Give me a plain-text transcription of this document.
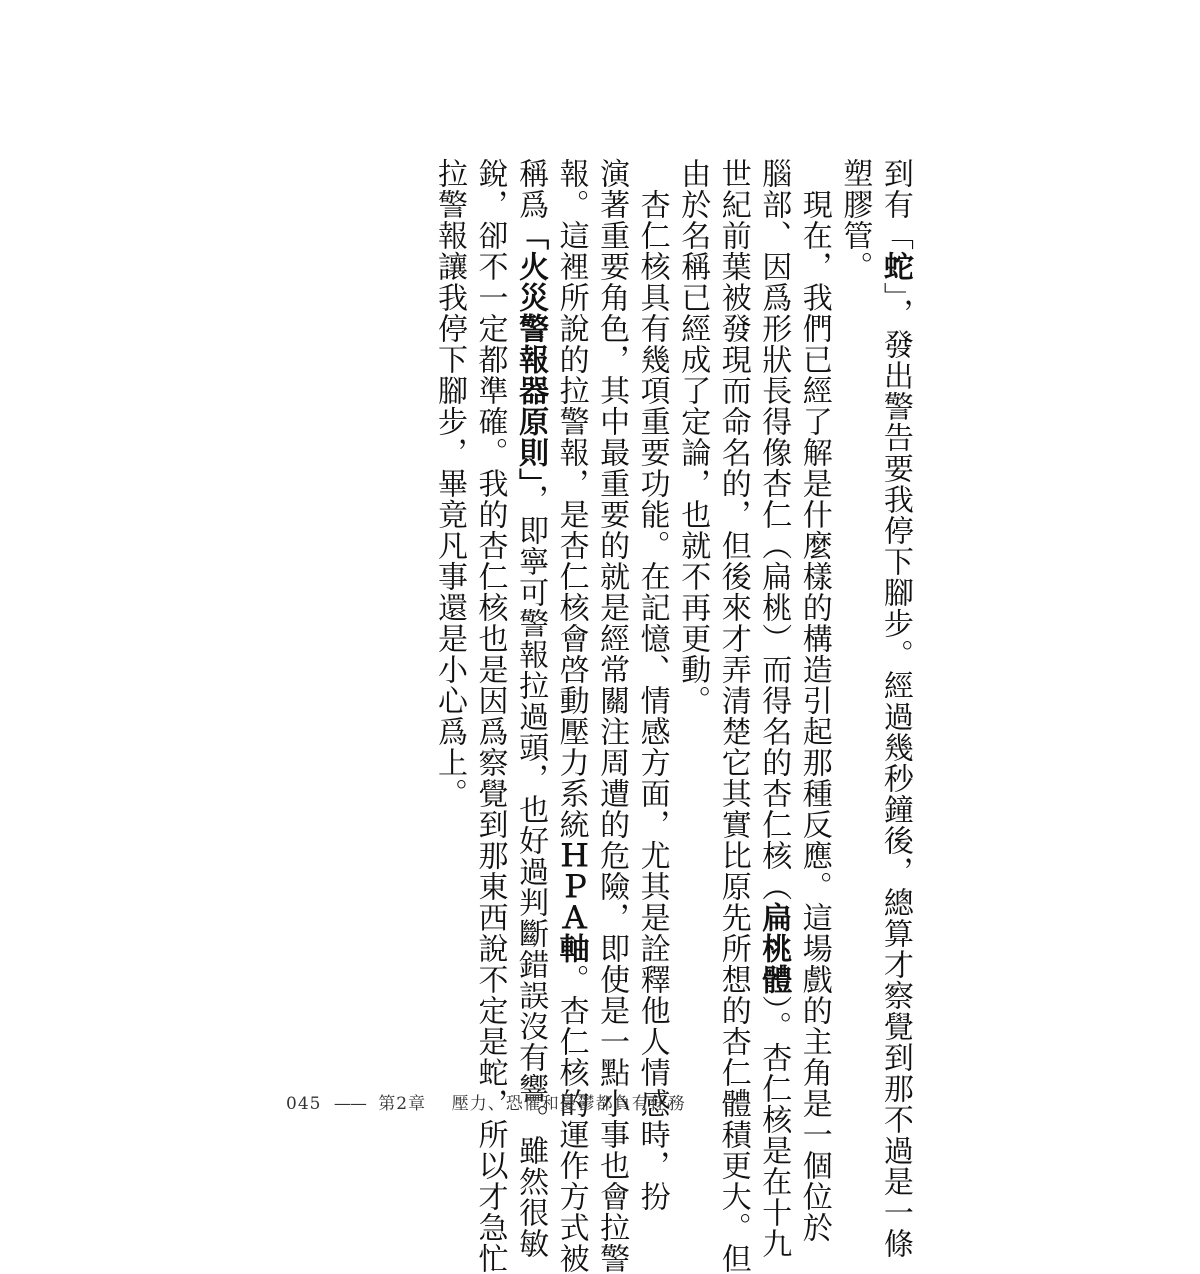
到有「蛇」，發出警告要我停下腳步。經過幾秒鐘後，總算才察覺到那不過是一條
塑膠管。
　現在，我們已經了解是什麼樣的構造引起那種反應。這場戲的主角是一個位於
腦部、因爲形狀長得像杏仁（扁桃）而得名的杏仁核（扁桃體）。杏仁核是在十九
世紀前葉被發現而命名的，但後來才弄清楚它其實比原先所想的杏仁體積更大。但
由於名稱已經成了定論，也就不再更動。
　杏仁核具有幾項重要功能。在記憶、情感方面，尤其是詮釋他人情感時，扮
演著重要角色，其中最重要的就是經常關注周遭的危險，即使是一點小事也會拉警
報。這裡所說的拉警報，是杏仁核會啓動壓力系統ＨＰＡ軸。杏仁核的運作方式被
稱爲「火災警報器原則」，即寧可警報拉過頭，也好過判斷錯誤沒有響。雖然很敏
銳，卻不一定都準確。我的杏仁核也是因爲察覺到那東西說不定是蛇，所以才急忙
拉警報讓我停下腳步，畢竟凡事還是小心爲上。
045 —— 第2章 壓力、恐懼和憂鬱都負有任務
